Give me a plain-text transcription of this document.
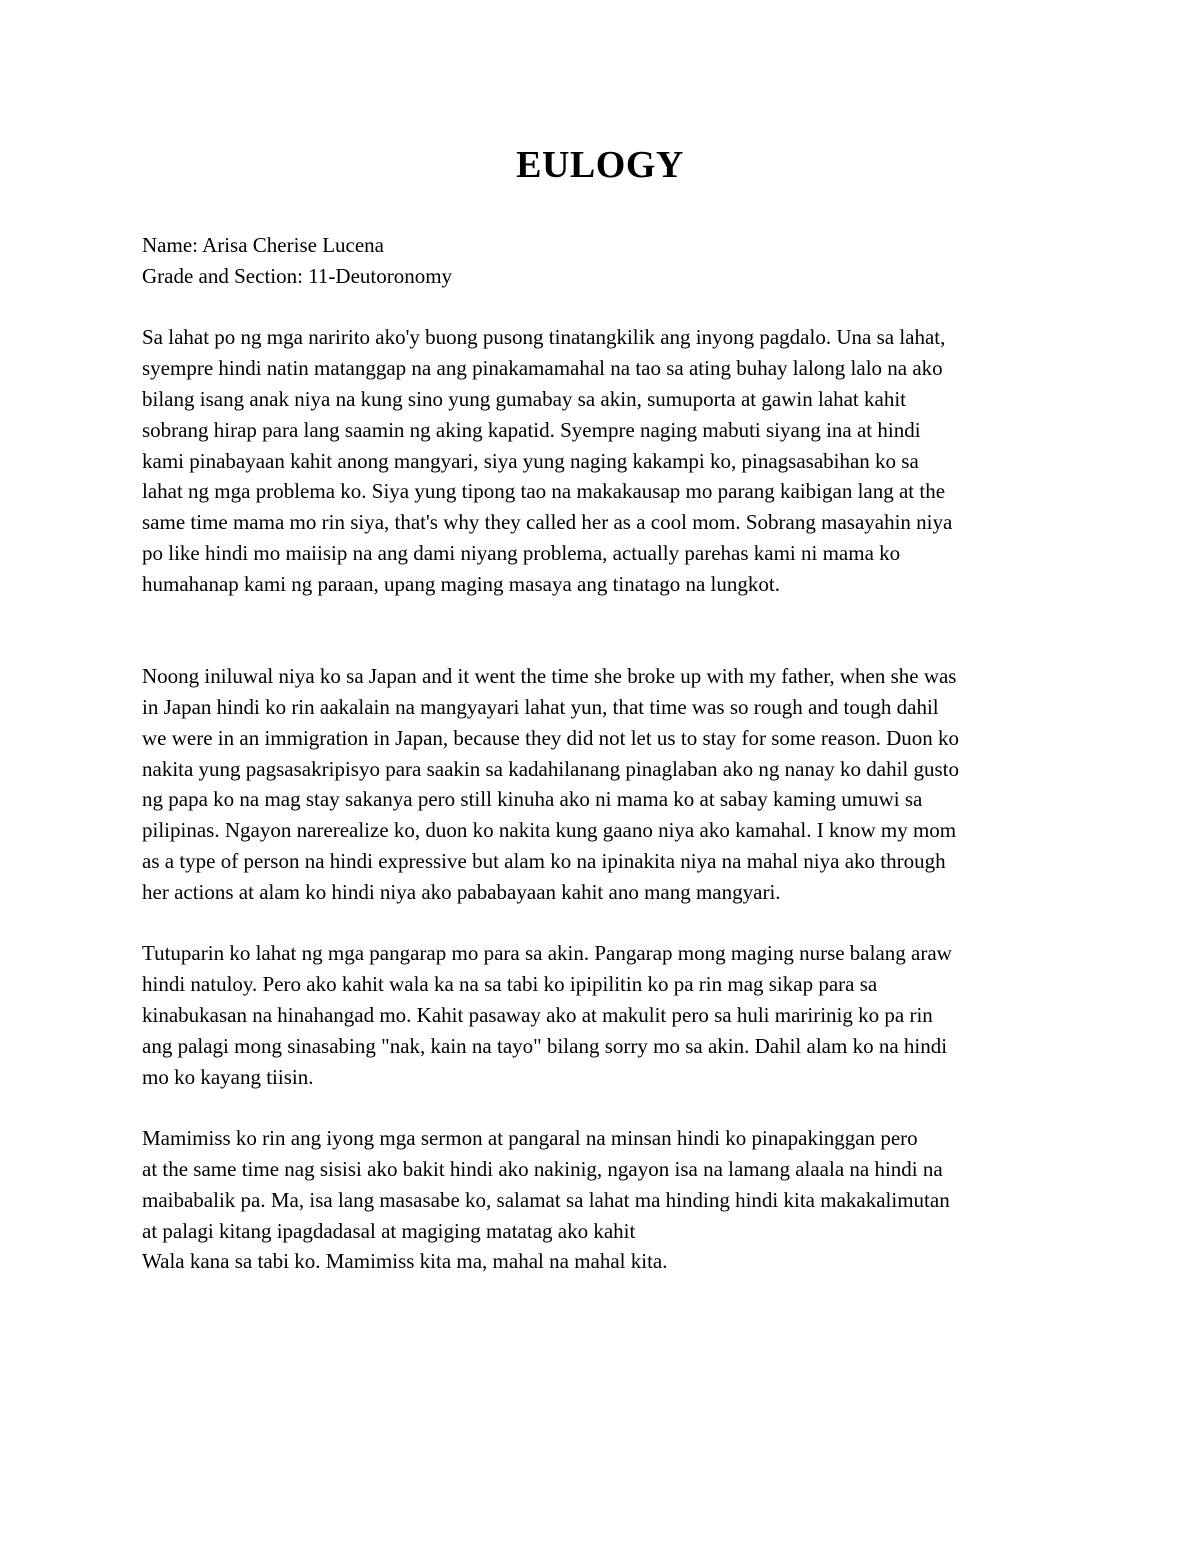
EULOGY
Name: Arisa Cherise Lucena
Grade and Section: 11-Deutoronomy
Sa lahat po ng mga naririto ako'y buong pusong tinatangkilik ang inyong pagdalo. Una sa lahat,
syempre hindi natin matanggap na ang pinakamamahal na tao sa ating buhay lalong lalo na ako
bilang isang anak niya na kung sino yung gumabay sa akin, sumuporta at gawin lahat kahit
sobrang hirap para lang saamin ng aking kapatid. Syempre naging mabuti siyang ina at hindi
kami pinabayaan kahit anong mangyari, siya yung naging kakampi ko, pinagsasabihan ko sa
lahat ng mga problema ko. Siya yung tipong tao na makakausap mo parang kaibigan lang at the
same time mama mo rin siya, that's why they called her as a cool mom. Sobrang masayahin niya
po like hindi mo maiisip na ang dami niyang problema, actually parehas kami ni mama ko
humahanap kami ng paraan, upang maging masaya ang tinatago na lungkot.
Noong iniluwal niya ko sa Japan and it went the time she broke up with my father, when she was
in Japan hindi ko rin aakalain na mangyayari lahat yun, that time was so rough and tough dahil
we were in an immigration in Japan, because they did not let us to stay for some reason. Duon ko
nakita yung pagsasakripisyo para saakin sa kadahilanang pinaglaban ako ng nanay ko dahil gusto
ng papa ko na mag stay sakanya pero still kinuha ako ni mama ko at sabay kaming umuwi sa
pilipinas. Ngayon narerealize ko, duon ko nakita kung gaano niya ako kamahal. I know my mom
as a type of person na hindi expressive but alam ko na ipinakita niya na mahal niya ako through
her actions at alam ko hindi niya ako pababayaan kahit ano mang mangyari.
Tutuparin ko lahat ng mga pangarap mo para sa akin. Pangarap mong maging nurse balang araw
hindi natuloy. Pero ako kahit wala ka na sa tabi ko ipipilitin ko pa rin mag sikap para sa
kinabukasan na hinahangad mo. Kahit pasaway ako at makulit pero sa huli maririnig ko pa rin
ang palagi mong sinasabing "nak, kain na tayo" bilang sorry mo sa akin. Dahil alam ko na hindi
mo ko kayang tiisin.
Mamimiss ko rin ang iyong mga sermon at pangaral na minsan hindi ko pinapakinggan pero
at the same time nag sisisi ako bakit hindi ako nakinig, ngayon isa na lamang alaala na hindi na
maibabalik pa. Ma, isa lang masasabe ko, salamat sa lahat ma hinding hindi kita makakalimutan
at palagi kitang ipagdadasal at magiging matatag ako kahit
Wala kana sa tabi ko. Mamimiss kita ma, mahal na mahal kita.
